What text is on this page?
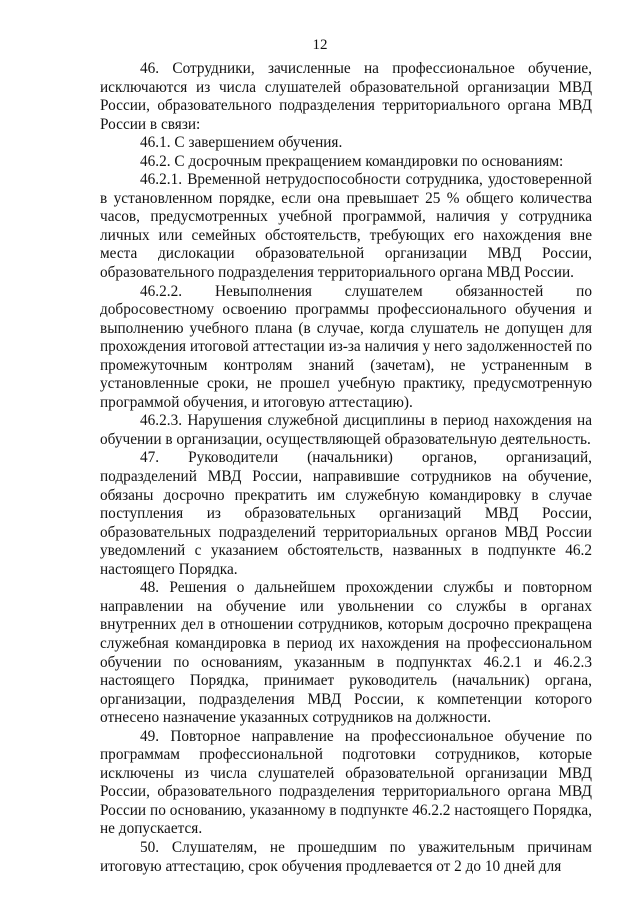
12

46. Сотрудники, зачисленные на профессиональное обучение, исключаются из числа слушателей образовательной организации МВД России, образовательного подразделения территориального органа МВД России в связи:

46.1. С завершением обучения.

46.2. С досрочным прекращением командировки по основаниям:

46.2.1. Временной нетрудоспособности сотрудника, удостоверенной в установленном порядке, если она превышает 25 % общего количества часов, предусмотренных учебной программой, наличия у сотрудника личных или семейных обстоятельств, требующих его нахождения вне места дислокации образовательной организации МВД России, образовательного подразделения территориального органа МВД России.

46.2.2. Невыполнения слушателем обязанностей по добросовестному освоению программы профессионального обучения и выполнению учебного плана (в случае, когда слушатель не допущен для прохождения итоговой аттестации из-за наличия у него задолженностей по промежуточным контролям знаний (зачетам), не устраненным в установленные сроки, не прошел учебную практику, предусмотренную программой обучения, и итоговую аттестацию).

46.2.3. Нарушения служебной дисциплины в период нахождения на обучении в организации, осуществляющей образовательную деятельность.

47. Руководители (начальники) органов, организаций, подразделений МВД России, направившие сотрудников на обучение, обязаны досрочно прекратить им служебную командировку в случае поступления из образовательных организаций МВД России, образовательных подразделений территориальных органов МВД России уведомлений с указанием обстоятельств, названных в подпункте 46.2 настоящего Порядка.

48. Решения о дальнейшем прохождении службы и повторном направлении на обучение или увольнении со службы в органах внутренних дел в отношении сотрудников, которым досрочно прекращена служебная командировка в период их нахождения на профессиональном обучении по основаниям, указанным в подпунктах 46.2.1 и 46.2.3 настоящего Порядка, принимает руководитель (начальник) органа, организации, подразделения МВД России, к компетенции которого отнесено назначение указанных сотрудников на должности.

49. Повторное направление на профессиональное обучение по программам профессиональной подготовки сотрудников, которые исключены из числа слушателей образовательной организации МВД России, образовательного подразделения территориального органа МВД России по основанию, указанному в подпункте 46.2.2 настоящего Порядка, не допускается.

50. Слушателям, не прошедшим по уважительным причинам итоговую аттестацию, срок обучения продлевается от 2 до 10 дней для
